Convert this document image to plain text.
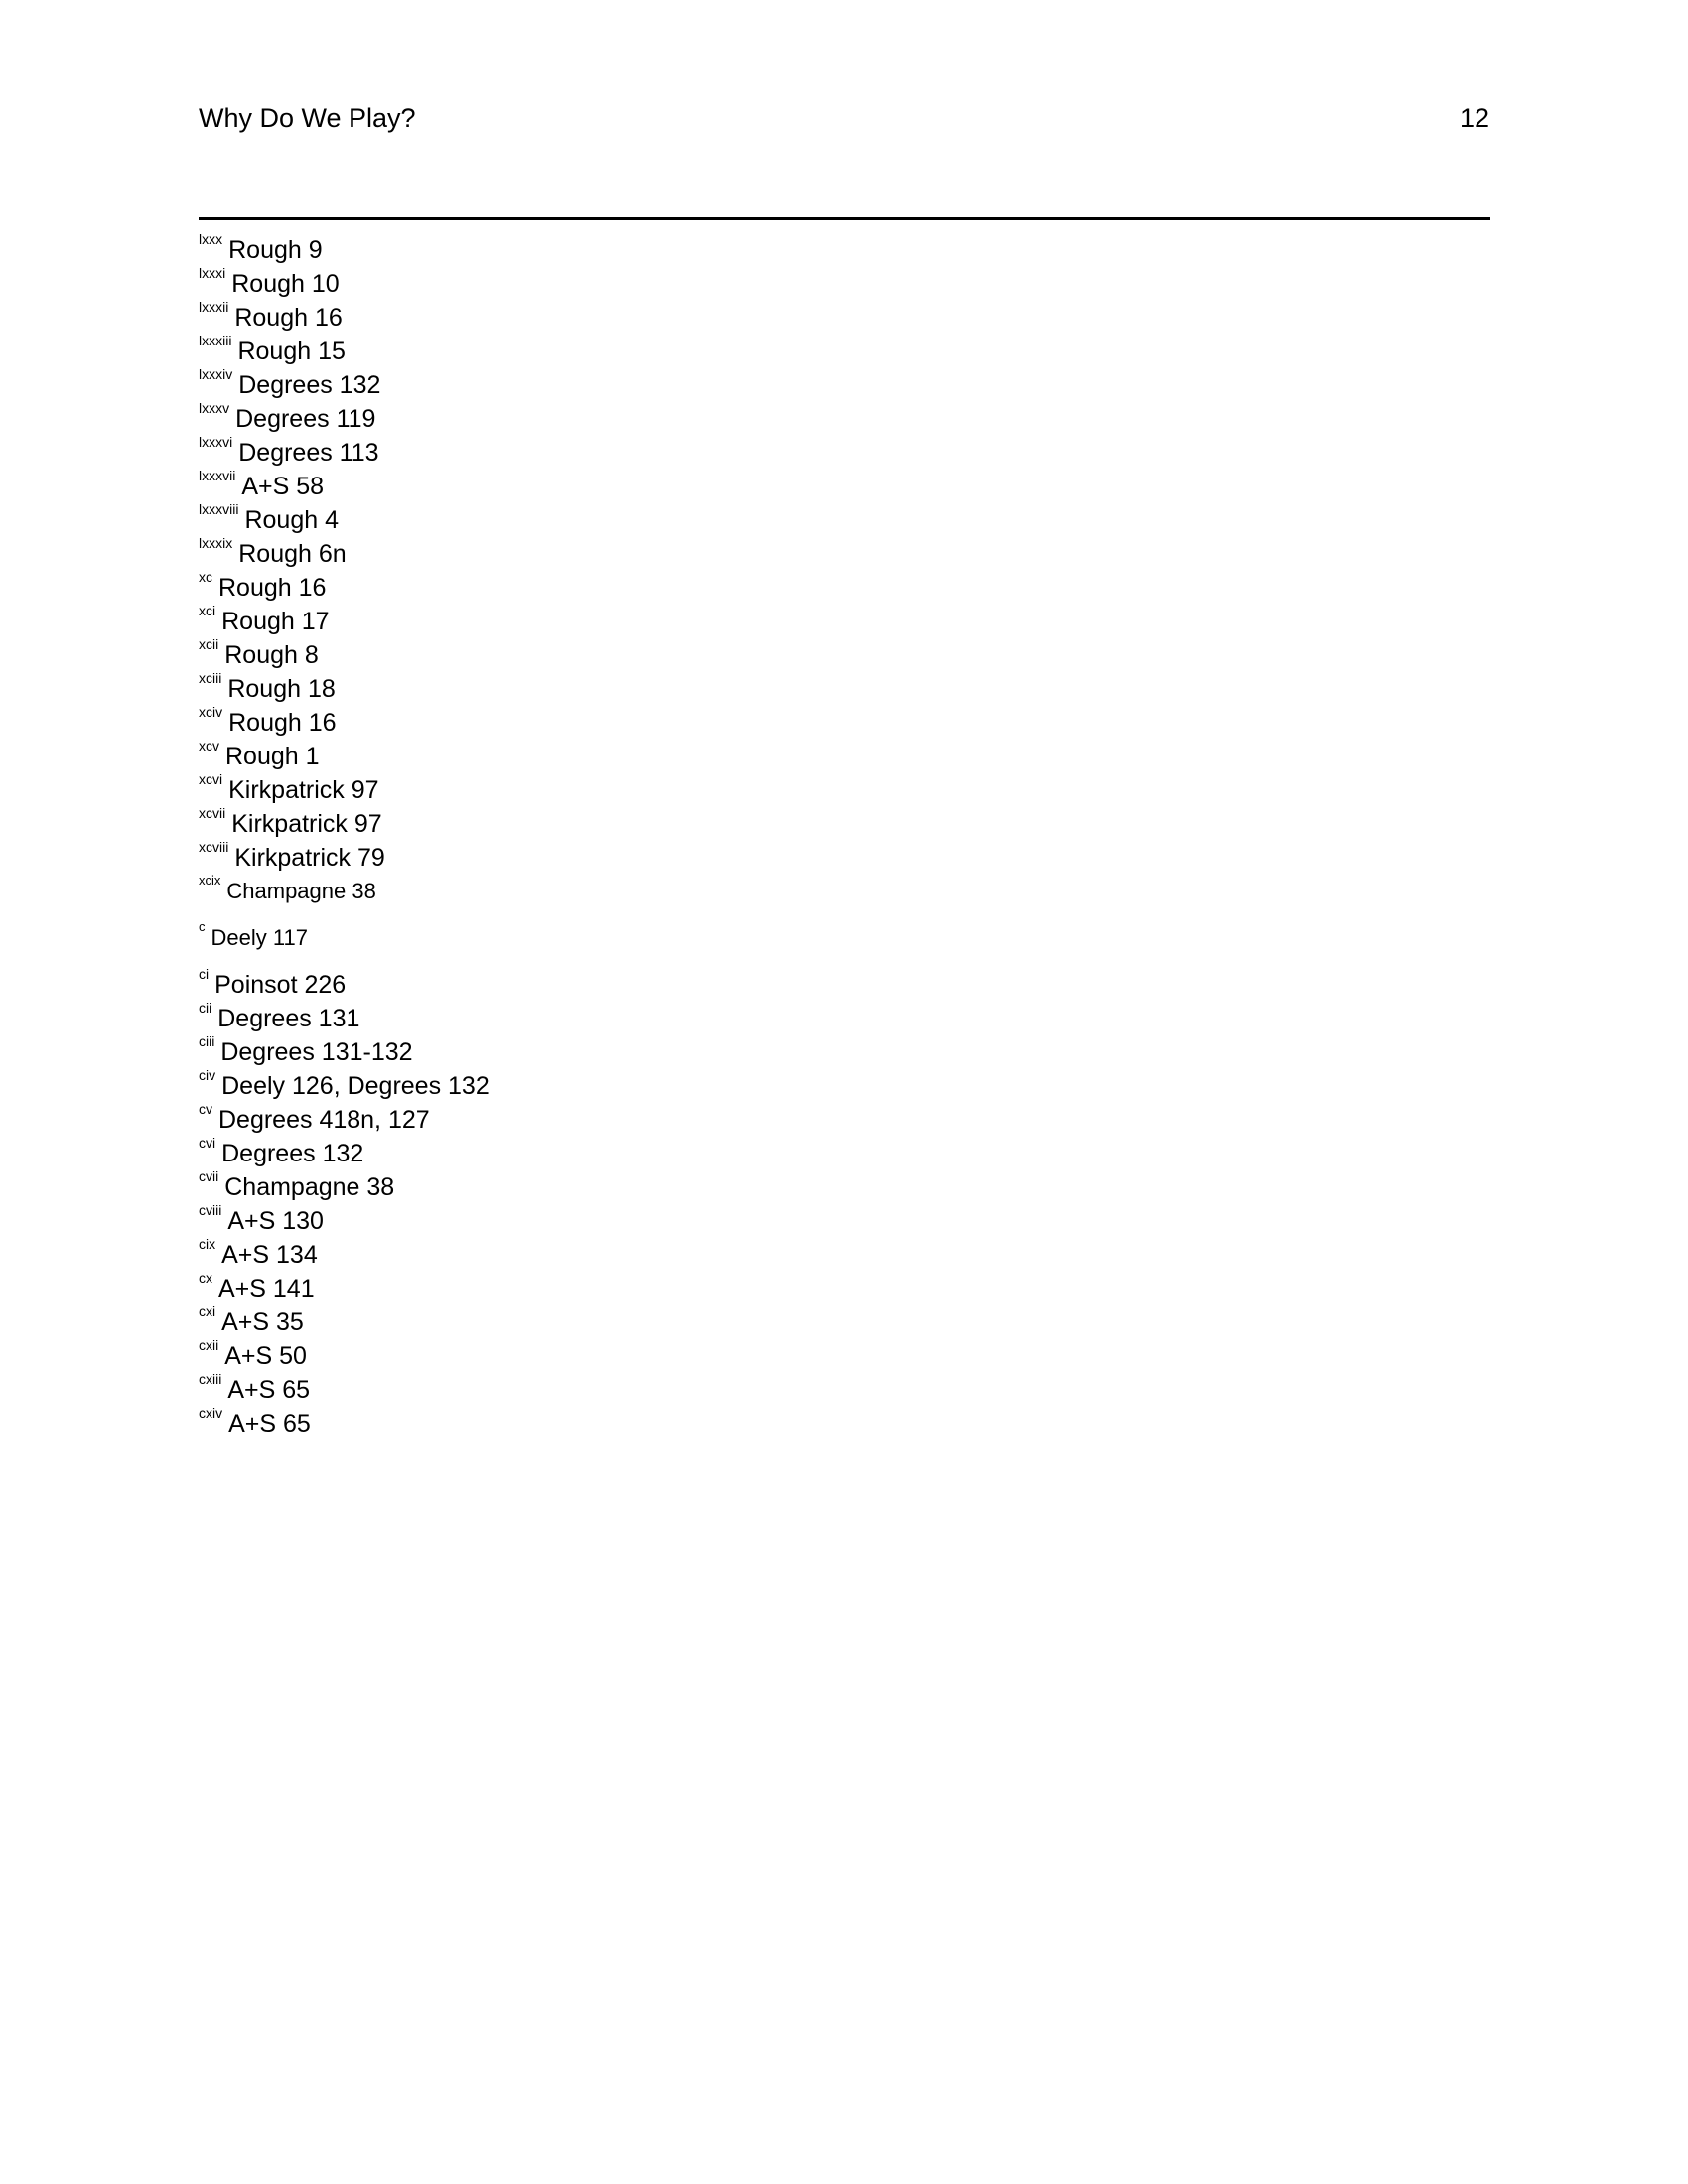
Why Do We Play?	12
$^{lxxx}$ Rough 9
$^{lxxxi}$ Rough 10
$^{lxxxii}$ Rough 16
$^{lxxxiii}$ Rough 15
$^{lxxxiv}$ Degrees 132
$^{lxxxv}$ Degrees 119
$^{lxxxvi}$ Degrees 113
$^{lxxxvii}$ A+S 58
$^{lxxxviii}$ Rough 4
$^{lxxxix}$ Rough 6n
$^{xc}$ Rough 16
$^{xci}$ Rough 17
$^{xcii}$ Rough 8
$^{xciii}$ Rough 18
$^{xciv}$ Rough 16
$^{xcv}$ Rough 1
$^{xcvi}$ Kirkpatrick 97
$^{xcvii}$ Kirkpatrick 97
$^{xcviii}$ Kirkpatrick 79
$^{xcix}$ Champagne 38
$^c$ Deely 117
$^{ci}$ Poinsot 226
$^{cii}$ Degrees 131
$^{ciii}$ Degrees 131-132
$^{civ}$ Deely 126, Degrees 132
$^{cv}$ Degrees 418n, 127
$^{cvi}$ Degrees 132
$^{cvii}$ Champagne 38
$^{cviii}$ A+S 130
$^{cix}$ A+S 134
$^{cx}$ A+S 141
$^{cxi}$ A+S 35
$^{cxii}$ A+S 50
$^{cxiii}$ A+S 65
$^{cxiv}$ A+S 65
